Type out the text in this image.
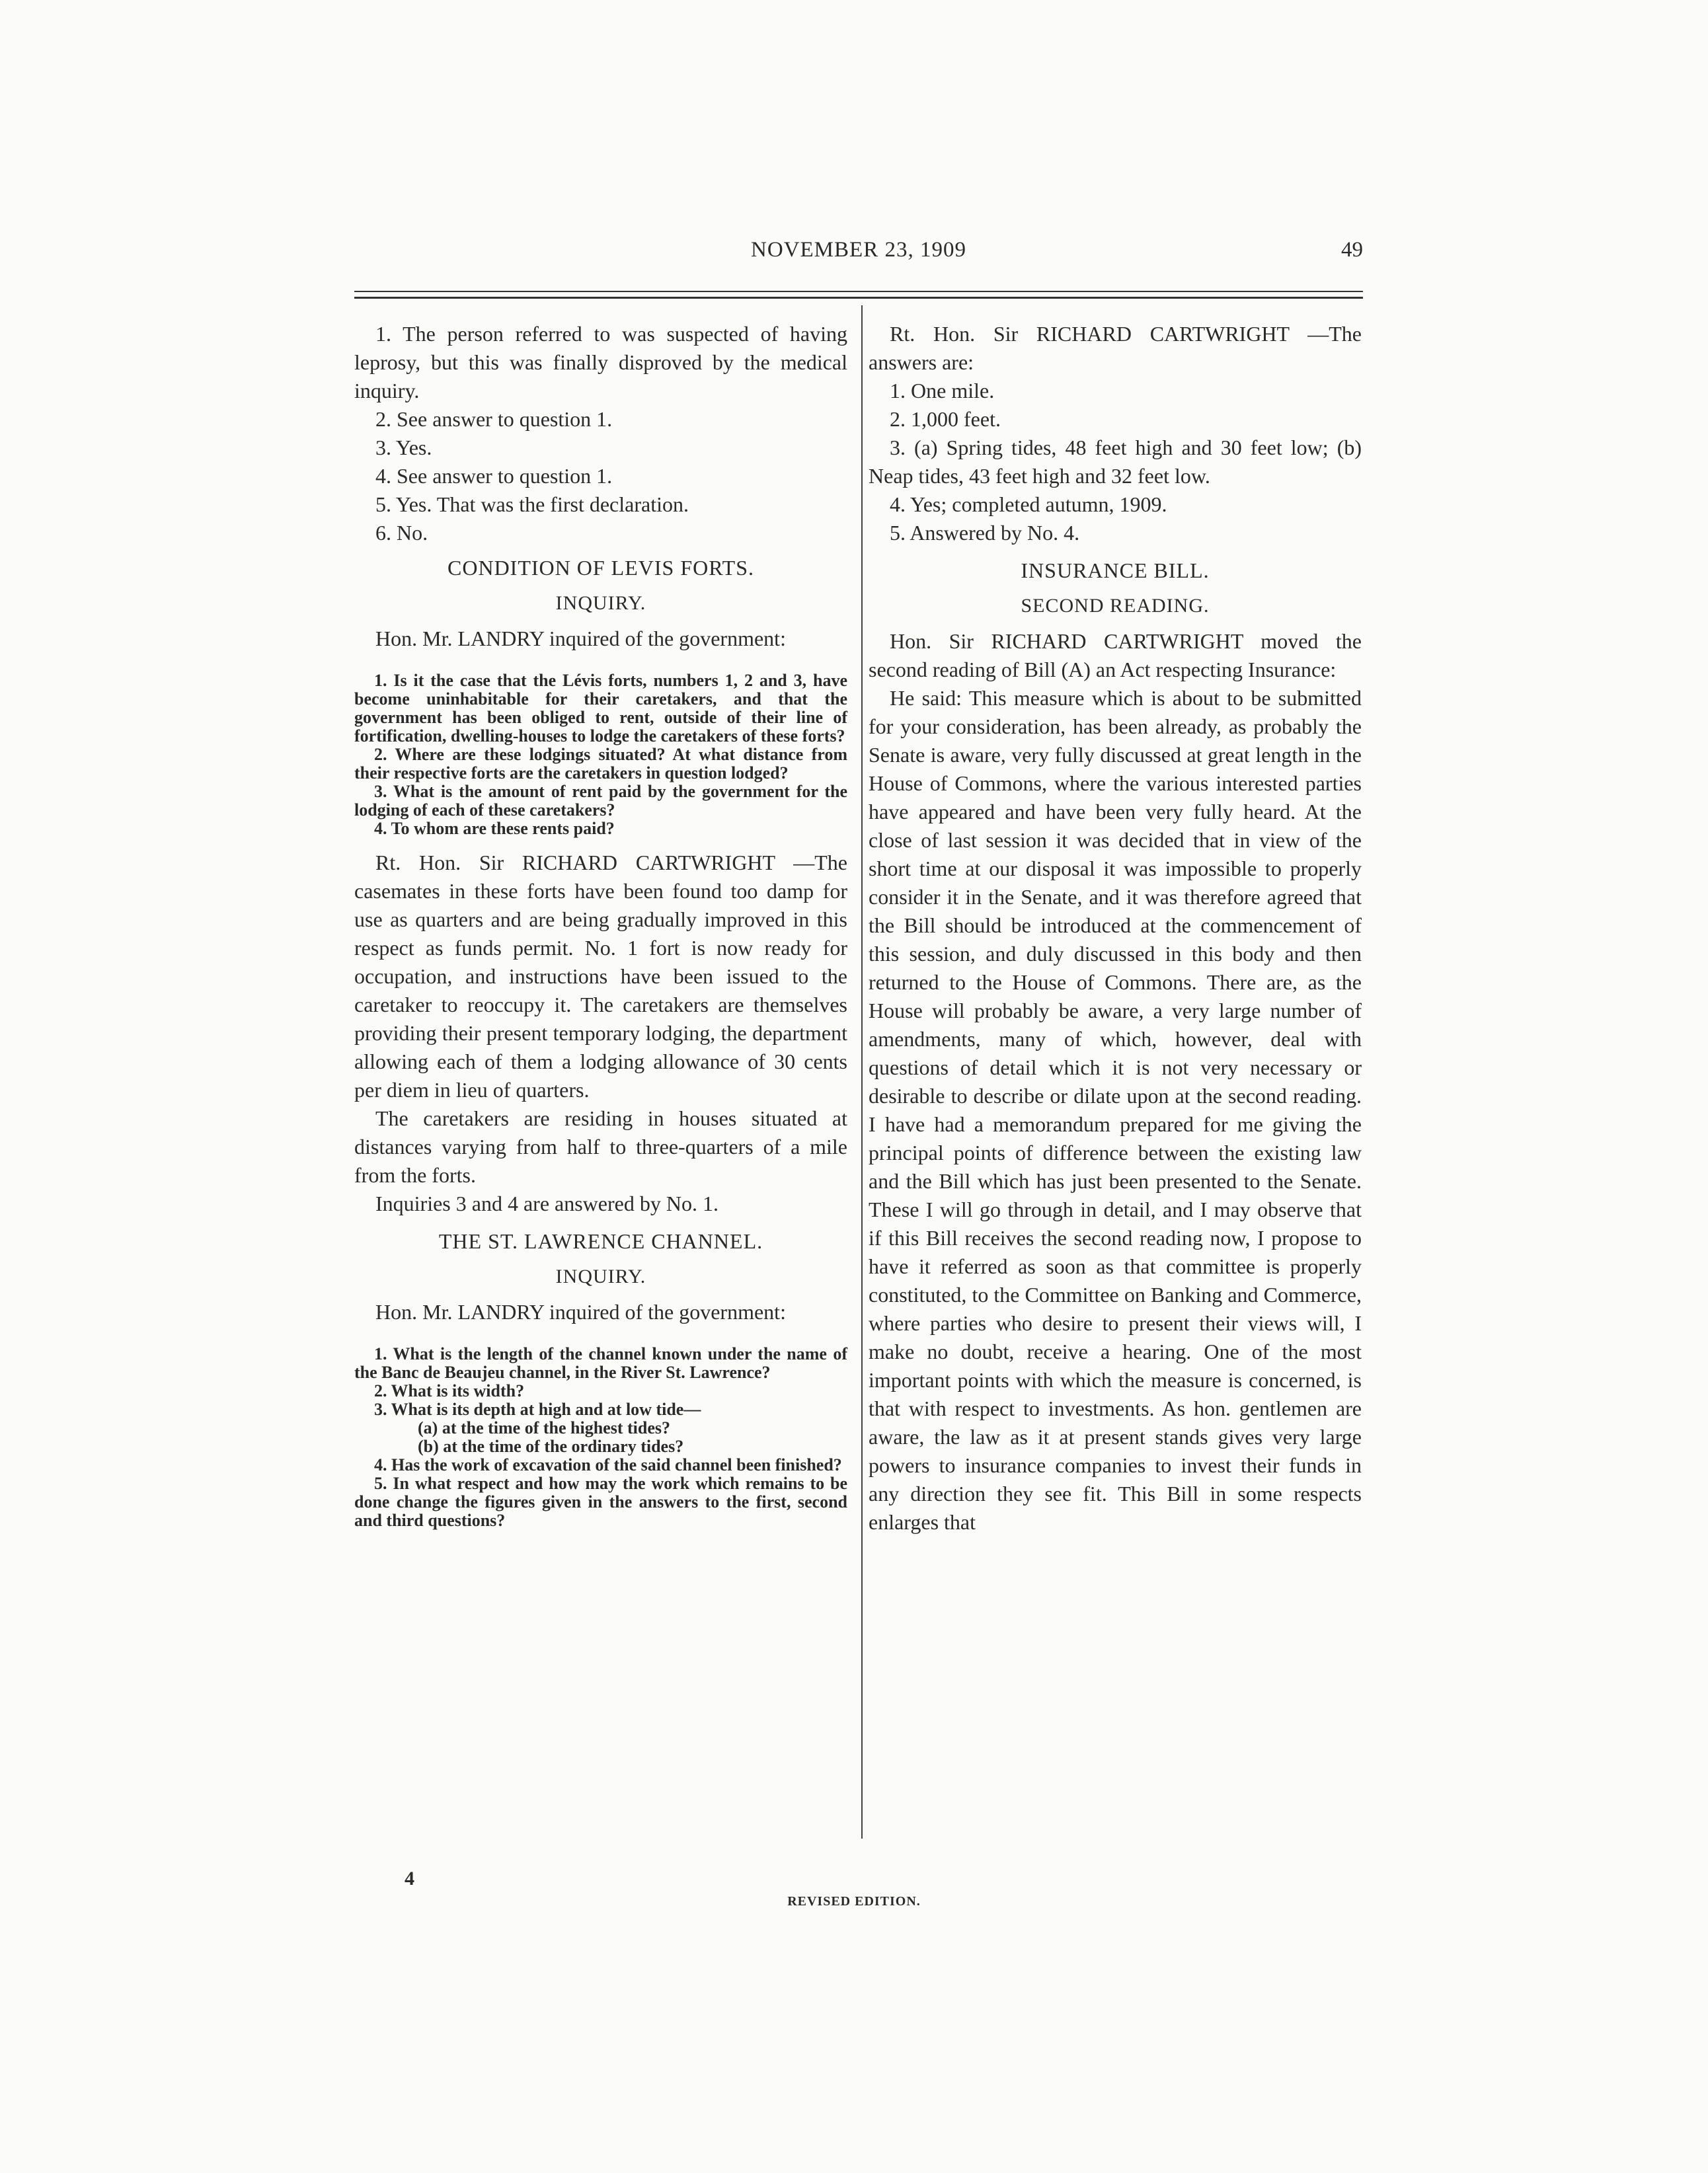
NOVEMBER 23, 1909	49

1. The person referred to was suspected of having leprosy, but this was finally disproved by the medical inquiry.

2. See answer to question 1.

3. Yes.

4. See answer to question 1.

5. Yes. That was the first declaration.

6. No.

CONDITION OF LEVIS FORTS.
INQUIRY.

Hon. Mr. LANDRY inquired of the government:

1. Is it the case that the Lévis forts, numbers 1, 2 and 3, have become uninhabitable for their caretakers, and that the government has been obliged to rent, outside of their line of fortification, dwelling-houses to lodge the caretakers of these forts?

2. Where are these lodgings situated? At what distance from their respective forts are the caretakers in question lodged?

3. What is the amount of rent paid by the government for the lodging of each of these caretakers?

4. To whom are these rents paid?

Rt. Hon. Sir RICHARD CARTWRIGHT —The casemates in these forts have been found too damp for use as quarters and are being gradually improved in this respect as funds permit. No. 1 fort is now ready for occupation, and instructions have been issued to the caretaker to reoccupy it. The caretakers are themselves providing their present temporary lodging, the department allowing each of them a lodging allowance of 30 cents per diem in lieu of quarters.

The caretakers are residing in houses situated at distances varying from half to three-quarters of a mile from the forts.

Inquiries 3 and 4 are answered by No. 1.

THE ST. LAWRENCE CHANNEL.
INQUIRY.

Hon. Mr. LANDRY inquired of the government:

1. What is the length of the channel known under the name of the Banc de Beaujeu channel, in the River St. Lawrence?

2. What is its width?

3. What is its depth at high and at low tide—

(a) at the time of the highest tides?

(b) at the time of the ordinary tides?

4. Has the work of excavation of the said channel been finished?

5. In what respect and how may the work which remains to be done change the figures given in the answers to the first, second and third questions?

Rt. Hon. Sir RICHARD CARTWRIGHT —The answers are:

1. One mile.

2. 1,000 feet.

3. (a) Spring tides, 48 feet high and 30 feet low; (b) Neap tides, 43 feet high and 32 feet low.

4. Yes; completed autumn, 1909.

5. Answered by No. 4.

INSURANCE BILL.
SECOND READING.

Hon. Sir RICHARD CARTWRIGHT moved the second reading of Bill (A) an Act respecting Insurance:

He said: This measure which is about to be submitted for your consideration, has been already, as probably the Senate is aware, very fully discussed at great length in the House of Commons, where the various interested parties have appeared and have been very fully heard. At the close of last session it was decided that in view of the short time at our disposal it was impossible to properly consider it in the Senate, and it was therefore agreed that the Bill should be introduced at the commencement of this session, and duly discussed in this body and then returned to the House of Commons. There are, as the House will probably be aware, a very large number of amendments, many of which, however, deal with questions of detail which it is not very necessary or desirable to describe or dilate upon at the second reading. I have had a memorandum prepared for me giving the principal points of difference between the existing law and the Bill which has just been presented to the Senate. These I will go through in detail, and I may observe that if this Bill receives the second reading now, I propose to have it referred as soon as that committee is properly constituted, to the Committee on Banking and Commerce, where parties who desire to present their views will, I make no doubt, receive a hearing. One of the most important points with which the measure is concerned, is that with respect to investments. As hon. gentlemen are aware, the law as it at present stands gives very large powers to insurance companies to invest their funds in any direction they see fit. This Bill in some respects enlarges that

4
REVISED EDITION.
